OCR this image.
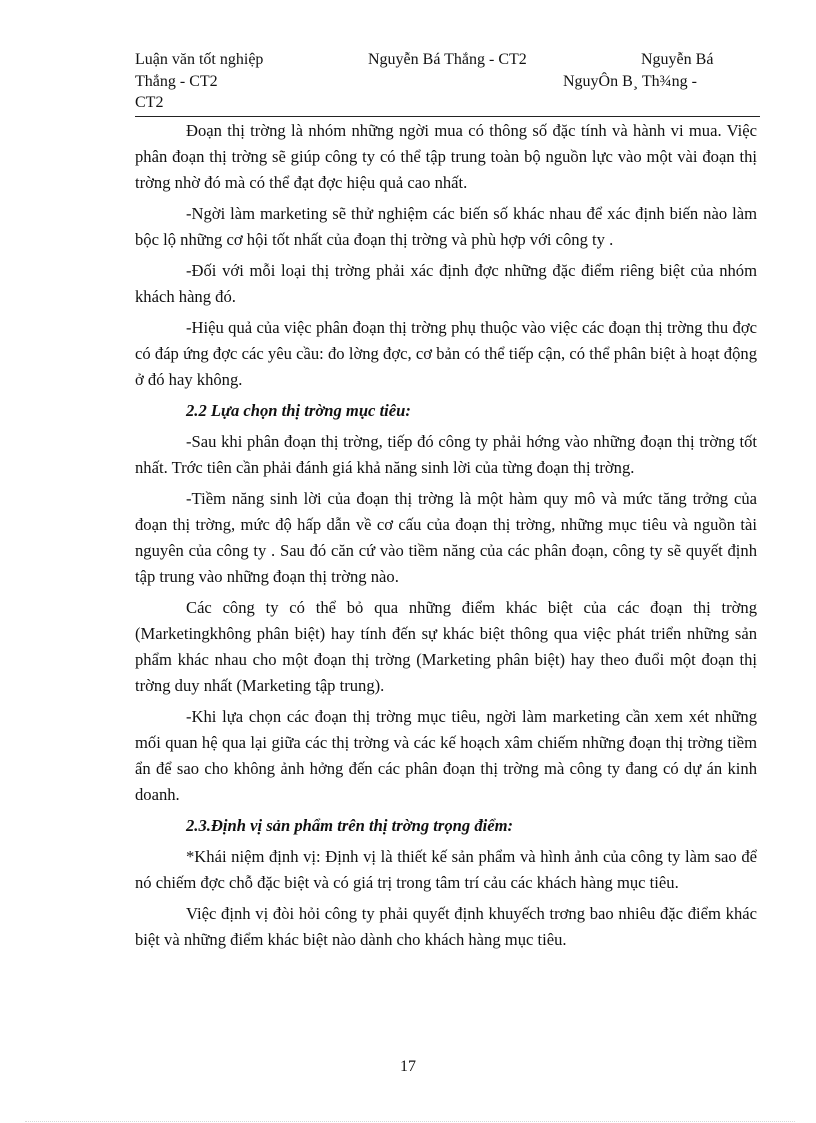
Luận văn tốt nghiệp	Nguyễn Bá Thắng - CT2	Nguyễn Bá
Thắng - CT2	NguyÔn B¸ Th¾ng -
CT2

Đoạn thị trờng là nhóm những ngời mua có thông số đặc tính và hành vi mua. Việc phân đoạn thị trờng sẽ giúp công ty có thể tập trung toàn bộ nguồn lực vào một vài đoạn thị trờng nhờ đó mà có thể đạt đợc hiệu quả cao nhất.

-Ngời làm marketing sẽ thử nghiệm các biến số khác nhau để xác định biến nào làm bộc lộ những cơ hội tốt nhất của đoạn thị trờng và phù hợp với công ty .

-Đối với mỗi loại thị trờng phải xác định đợc những đặc điểm riêng biệt của nhóm khách hàng đó.

-Hiệu quả của việc phân đoạn thị trờng phụ thuộc vào việc các đoạn thị trờng thu đợc có đáp ứng đợc các yêu cầu: đo lờng đợc, cơ bản có thể tiếp cận, có thể phân biệt à hoạt động ở đó hay không.

2.2 Lựa chọn thị trờng mục tiêu:

-Sau khi phân đoạn thị trờng, tiếp đó công ty phải hớng vào những đoạn thị trờng tốt nhất. Trớc tiên cần phải đánh giá khả năng sinh lời của từng đoạn thị trờng.

-Tiềm năng sinh lời của đoạn thị trờng là một hàm quy mô và mức tăng trởng của đoạn thị trờng, mức độ hấp dẫn về cơ cấu của đoạn thị trờng, những mục tiêu và nguồn tài nguyên của công ty . Sau đó căn cứ vào tiềm năng của các phân đoạn, công ty sẽ quyết định tập trung vào những đoạn thị trờng nào.

Các công ty có thể bỏ qua những điểm khác biệt của các đoạn thị trờng (Marketingkhông phân biệt) hay tính đến sự khác biệt thông qua việc phát triển những sản phẩm khác nhau cho một đoạn thị trờng (Marketing phân biệt) hay theo đuổi một đoạn thị trờng duy nhất (Marketing tập trung).

-Khi lựa chọn các đoạn thị trờng mục tiêu, ngời làm marketing cần xem xét những mối quan hệ qua lại giữa các thị trờng và các kế hoạch xâm chiếm những đoạn thị trờng tiềm ẩn để sao cho không ảnh hởng đến các phân đoạn thị trờng mà công ty đang có dự án kinh doanh.

2.3.Định vị sản phẩm trên thị trờng trọng điểm:

*Khái niệm định vị: Định vị là thiết kế sản phẩm và hình ảnh của công ty làm sao để nó chiếm đợc chỗ đặc biệt và có giá trị trong tâm trí cảu các khách hàng mục tiêu.

Việc định vị đòi hỏi công ty phải quyết định khuyếch trơng bao nhiêu đặc điểm khác biệt và những điểm khác biệt nào dành cho khách hàng mục tiêu.

17
